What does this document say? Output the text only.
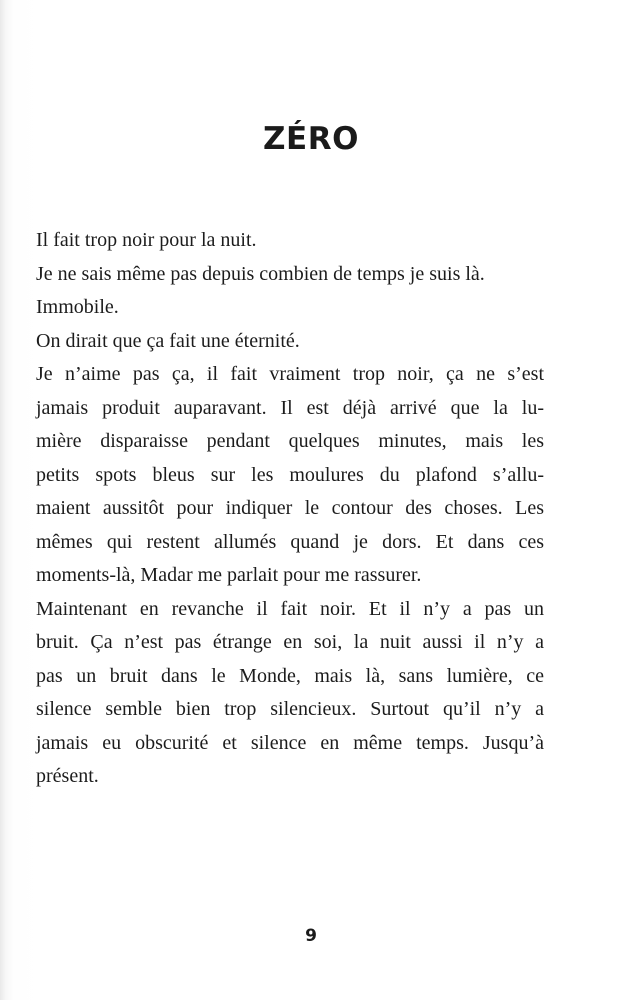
ZÉRO

Il fait trop noir pour la nuit.

Je ne sais même pas depuis combien de temps je suis là.

Immobile.

On dirait que ça fait une éternité.

Je n’aime pas ça, il fait vraiment trop noir, ça ne s’est
jamais produit auparavant. Il est déjà arrivé que la lu-
mière disparaisse pendant quelques minutes, mais les
petits spots bleus sur les moulures du plafond s’allu-
maient aussitôt pour indiquer le contour des choses. Les
mêmes qui restent allumés quand je dors. Et dans ces
moments-là, Madar me parlait pour me rassurer.

Maintenant en revanche il fait noir. Et il n’y a pas un
bruit. Ça n’est pas étrange en soi, la nuit aussi il n’y a
pas un bruit dans le Monde, mais là, sans lumière, ce
silence semble bien trop silencieux. Surtout qu’il n’y a
jamais eu obscurité et silence en même temps. Jusqu’à
présent.

9
